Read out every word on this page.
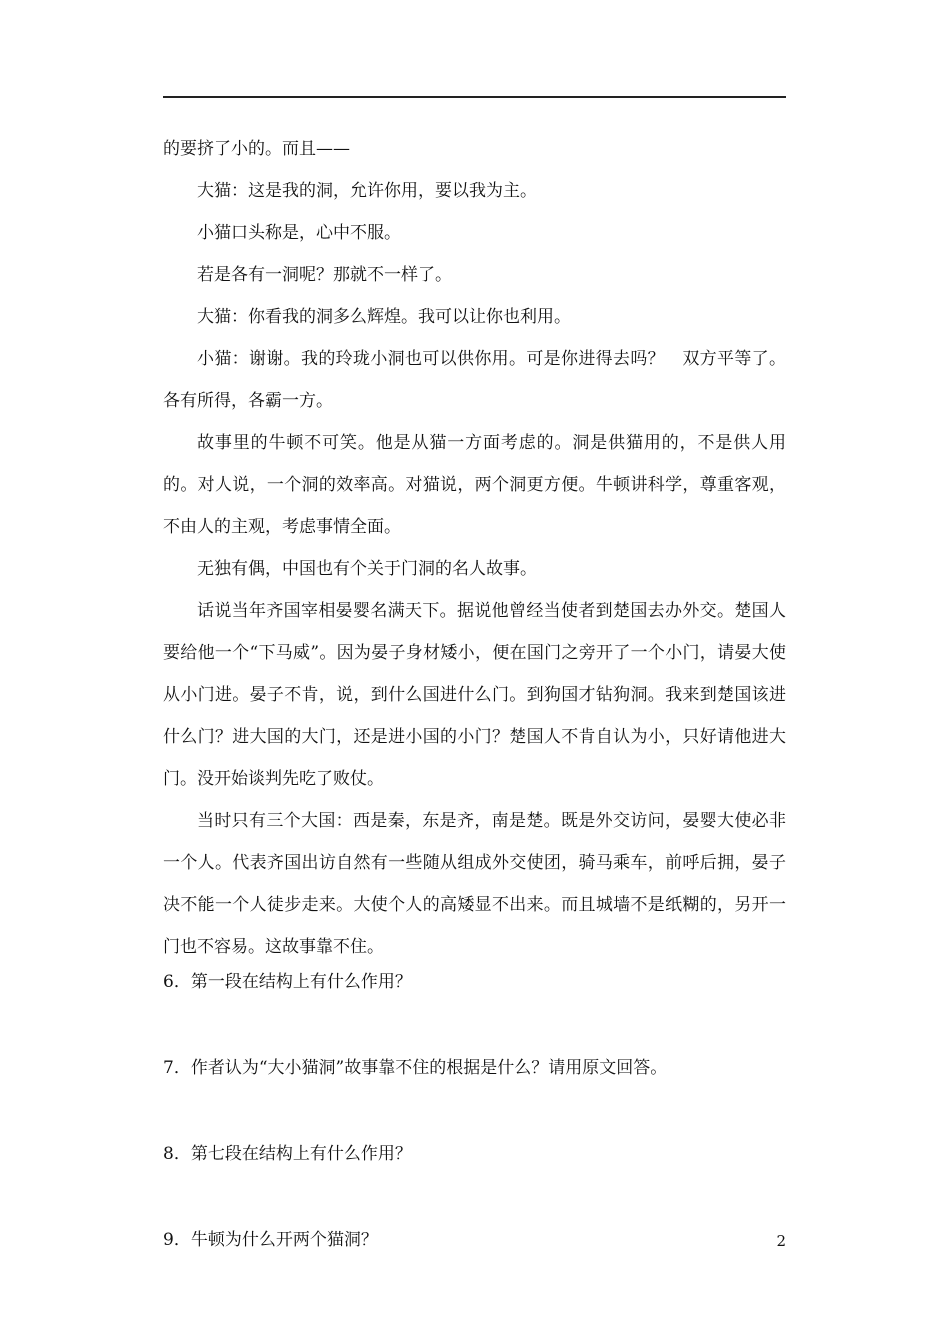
的要挤了小的。而且——

大猫：这是我的洞，允许你用，要以我为主。

小猫口头称是，心中不服。

若是各有一洞呢？那就不一样了。

大猫：你看我的洞多么辉煌。我可以让你也利用。

小猫：谢谢。我的玲珑小洞也可以供你用。可是你进得去吗？　双方平等了。各有所得，各霸一方。

故事里的牛顿不可笑。他是从猫一方面考虑的。洞是供猫用的，不是供人用的。对人说，一个洞的效率高。对猫说，两个洞更方便。牛顿讲科学，尊重客观，不由人的主观，考虑事情全面。

无独有偶，中国也有个关于门洞的名人故事。

话说当年齐国宰相晏婴名满天下。据说他曾经当使者到楚国去办外交。楚国人要给他一个“下马威”。因为晏子身材矮小，便在国门之旁开了一个小门，请晏大使从小门进。晏子不肯，说，到什么国进什么门。到狗国才钻狗洞。我来到楚国该进什么门？进大国的大门，还是进小国的小门？楚国人不肯自认为小，只好请他进大门。没开始谈判先吃了败仗。

当时只有三个大国：西是秦，东是齐，南是楚。既是外交访问，晏婴大使必非一个人。代表齐国出访自然有一些随从组成外交使团，骑马乘车，前呼后拥，晏子决不能一个人徒步走来。大使个人的高矮显不出来。而且城墙不是纸糊的，另开一门也不容易。这故事靠不住。

6．第一段在结构上有什么作用？

7．作者认为“大小猫洞”故事靠不住的根据是什么？请用原文回答。

8．第七段在结构上有什么作用？

9．牛顿为什么开两个猫洞？	2
